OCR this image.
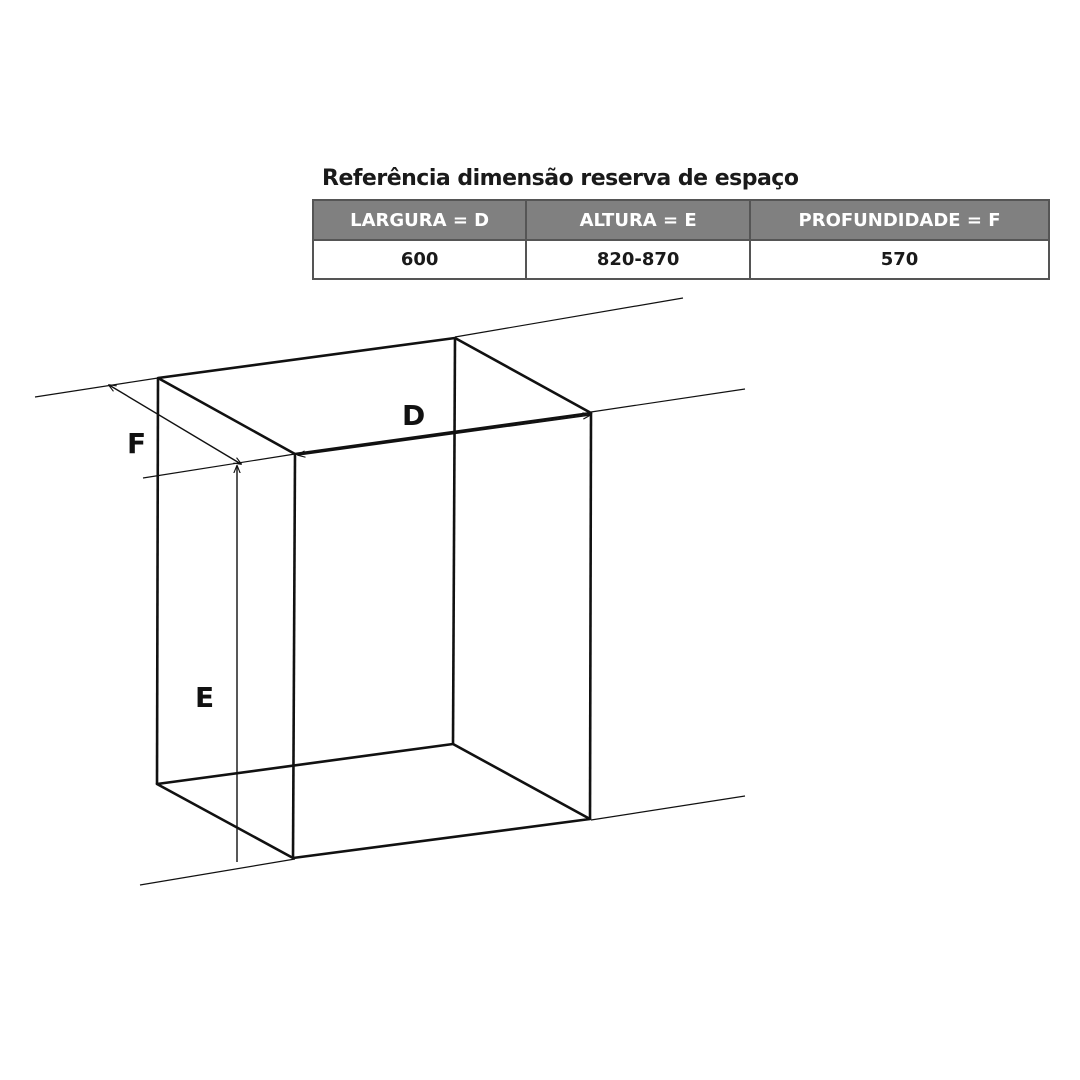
Referência dimensão reserva de espaço
LARGURA = D	ALTURA = E	PROFUNDIDADE = F
600	820-870	570
D
F
E
